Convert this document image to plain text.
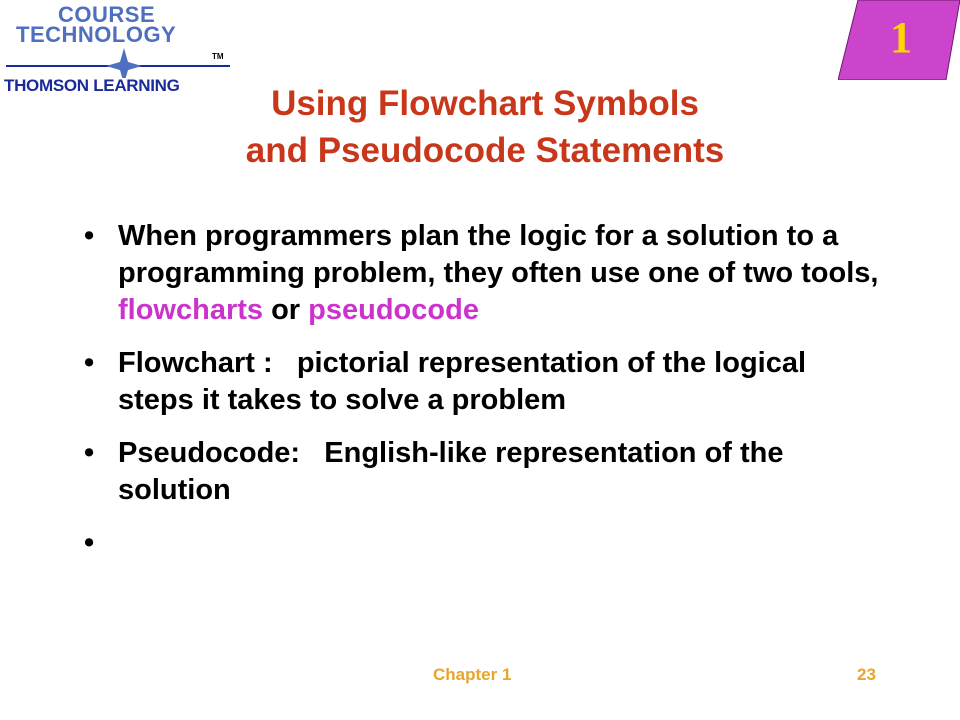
COURSE
TECHNOLOGY
TM
THOMSON LEARNING
1
Using Flowchart Symbols
and Pseudocode Statements
• When programmers plan the logic for a solution to a programming problem, they often use one of two tools, flowcharts or pseudocode
• Flowchart :   pictorial representation of the logical steps it takes to solve a problem
• Pseudocode:   English-like representation of the solution
•

Chapter 1	23
